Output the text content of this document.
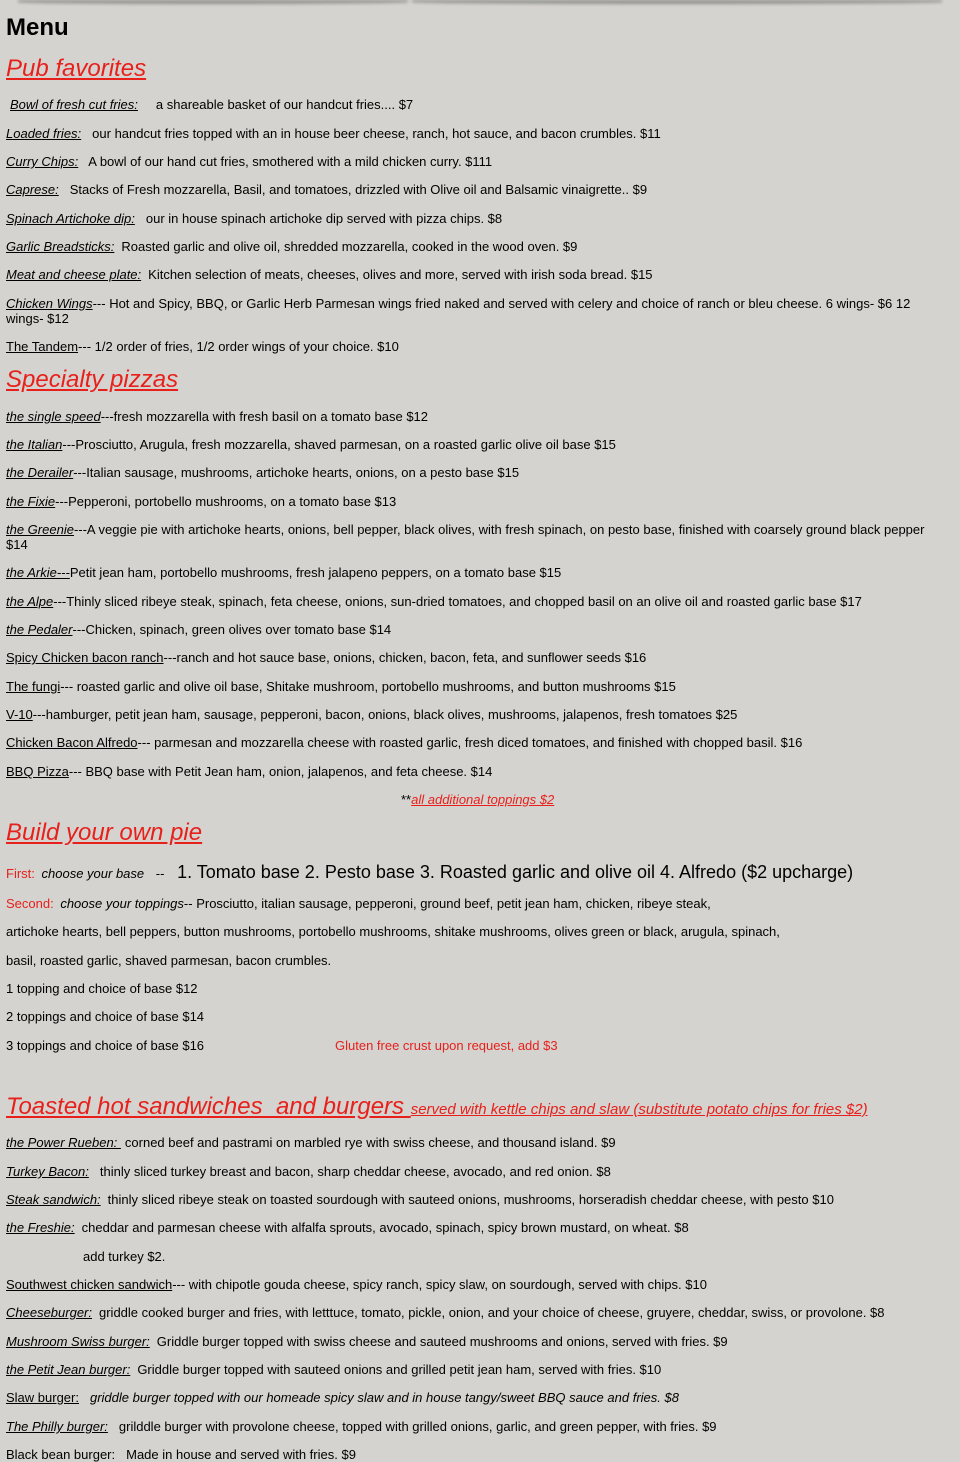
Menu
Pub favorites
Bowl of fresh cut fries: a shareable basket of our handcut fries.... $7
Loaded fries: our handcut fries topped with an in house beer cheese, ranch, hot sauce, and bacon crumbles. $11
Curry Chips: A bowl of our hand cut fries, smothered with a mild chicken curry. $111
Caprese: Stacks of Fresh mozzarella, Basil, and tomatoes, drizzled with Olive oil and Balsamic vinaigrette.. $9
Spinach Artichoke dip: our in house spinach artichoke dip served with pizza chips. $8
Garlic Breadsticks: Roasted garlic and olive oil, shredded mozzarella, cooked in the wood oven. $9
Meat and cheese plate: Kitchen selection of meats, cheeses, olives and more, served with irish soda bread. $15
Chicken Wings--- Hot and Spicy, BBQ, or Garlic Herb Parmesan wings fried naked and served with celery and choice of ranch or bleu cheese. 6 wings- $6 12 wings- $12
The Tandem--- 1/2 order of fries, 1/2 order wings of your choice. $10
Specialty pizzas
the single speed---fresh mozzarella with fresh basil on a tomato base $12
the Italian---Prosciutto, Arugula, fresh mozzarella, shaved parmesan, on a roasted garlic olive oil base $15
the Derailer---Italian sausage, mushrooms, artichoke hearts, onions, on a pesto base $15
the Fixie---Pepperoni, portobello mushrooms, on a tomato base $13
the Greenie---A veggie pie with artichoke hearts, onions, bell pepper, black olives, with fresh spinach, on pesto base, finished with coarsely ground black pepper $14
the Arkie---Petit jean ham, portobello mushrooms, fresh jalapeno peppers, on a tomato base $15
the Alpe---Thinly sliced ribeye steak, spinach, feta cheese, onions, sun-dried tomatoes, and chopped basil on an olive oil and roasted garlic base $17
the Pedaler---Chicken, spinach, green olives over tomato base $14
Spicy Chicken bacon ranch---ranch and hot sauce base, onions, chicken, bacon, feta, and sunflower seeds $16
The fungi--- roasted garlic and olive oil base, Shitake mushroom, portobello mushrooms, and button mushrooms $15
V-10---hamburger, petit jean ham, sausage, pepperoni, bacon, onions, black olives, mushrooms, jalapenos, fresh tomatoes $25
Chicken Bacon Alfredo--- parmesan and mozzarella cheese with roasted garlic, fresh diced tomatoes, and finished with chopped basil. $16
BBQ Pizza--- BBQ base with Petit Jean ham, onion, jalapenos, and feta cheese. $14
**all additional toppings $2
Build your own pie
First: choose your base -- 1. Tomato base 2. Pesto base 3. Roasted garlic and olive oil 4. Alfredo ($2 upcharge)
Second: choose your toppings-- Prosciutto, italian sausage, pepperoni, ground beef, petit jean ham, chicken, ribeye steak,
artichoke hearts, bell peppers, button mushrooms, portobello mushrooms, shitake mushrooms, olives green or black, arugula, spinach,
basil, roasted garlic, shaved parmesan, bacon crumbles.
1 topping and choice of base $12
2 toppings and choice of base $14
3 toppings and choice of base $16	Gluten free crust upon request, add $3
Toasted hot sandwiches  and burgers served with kettle chips and slaw (substitute potato chips for fries $2)
the Power Rueben: corned beef and pastrami on marbled rye with swiss cheese, and thousand island. $9
Turkey Bacon: thinly sliced turkey breast and bacon, sharp cheddar cheese, avocado, and red onion. $8
Steak sandwich: thinly sliced ribeye steak on toasted sourdough with sauteed onions, mushrooms, horseradish cheddar cheese, with pesto $10
the Freshie: cheddar and parmesan cheese with alfalfa sprouts, avocado, spinach, spicy brown mustard, on wheat. $8
add turkey $2.
Southwest chicken sandwich--- with chipotle gouda cheese, spicy ranch, spicy slaw, on sourdough, served with chips. $10
Cheeseburger: griddle cooked burger and fries, with letttuce, tomato, pickle, onion, and your choice of cheese, gruyere, cheddar, swiss, or provolone. $8
Mushroom Swiss burger: Griddle burger topped with swiss cheese and sauteed mushrooms and onions, served with fries. $9
the Petit Jean burger: Griddle burger topped with sauteed onions and grilled petit jean ham, served with fries. $10
Slaw burger: griddle burger topped with our homeade spicy slaw and in house tangy/sweet BBQ sauce and fries. $8
The Philly burger: grilddle burger with provolone cheese, topped with grilled onions, garlic, and green pepper, with fries. $9
Black bean burger: Made in house and served with fries. $9
